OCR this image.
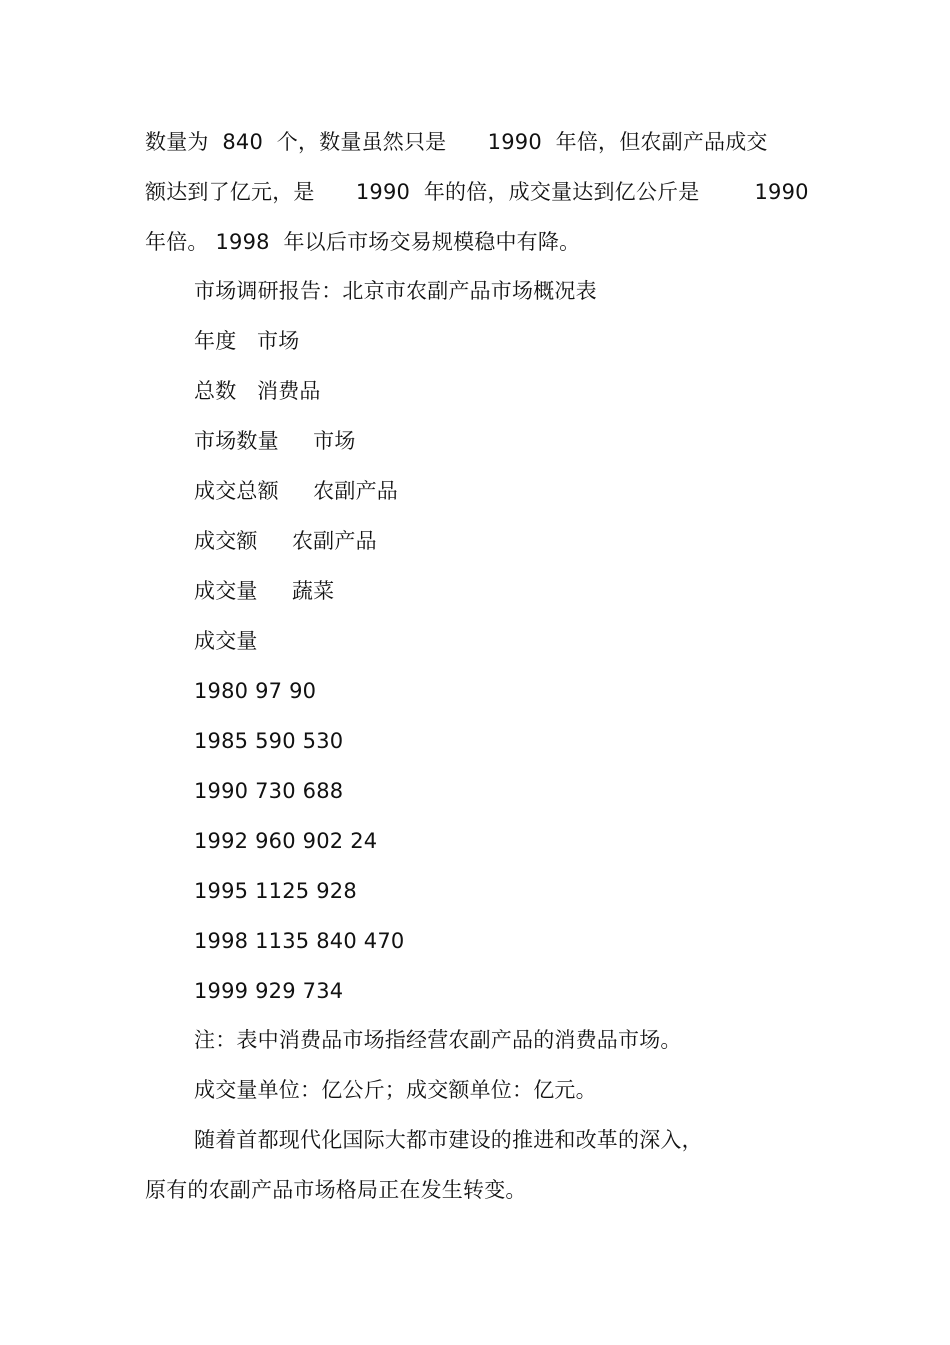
数量为  840  个，数量虽然只是      1990  年倍，但农副产品成交
额达到了亿元，是      1990  年的倍，成交量达到亿公斤是        1990
年倍。 1998  年以后市场交易规模稳中有降。
市场调研报告：北京市农副产品市场概况表
年度   市场
总数   消费品
市场数量     市场
成交总额     农副产品
成交额     农副产品
成交量     蔬菜
成交量
1980 97 90
1985 590 530
1990 730 688
1992 960 902 24
1995 1125 928
1998 1135 840 470
1999 929 734
注：表中消费品市场指经营农副产品的消费品市场。
成交量单位：亿公斤；成交额单位：亿元。
随着首都现代化国际大都市建设的推进和改革的深入，
原有的农副产品市场格局正在发生转变。
